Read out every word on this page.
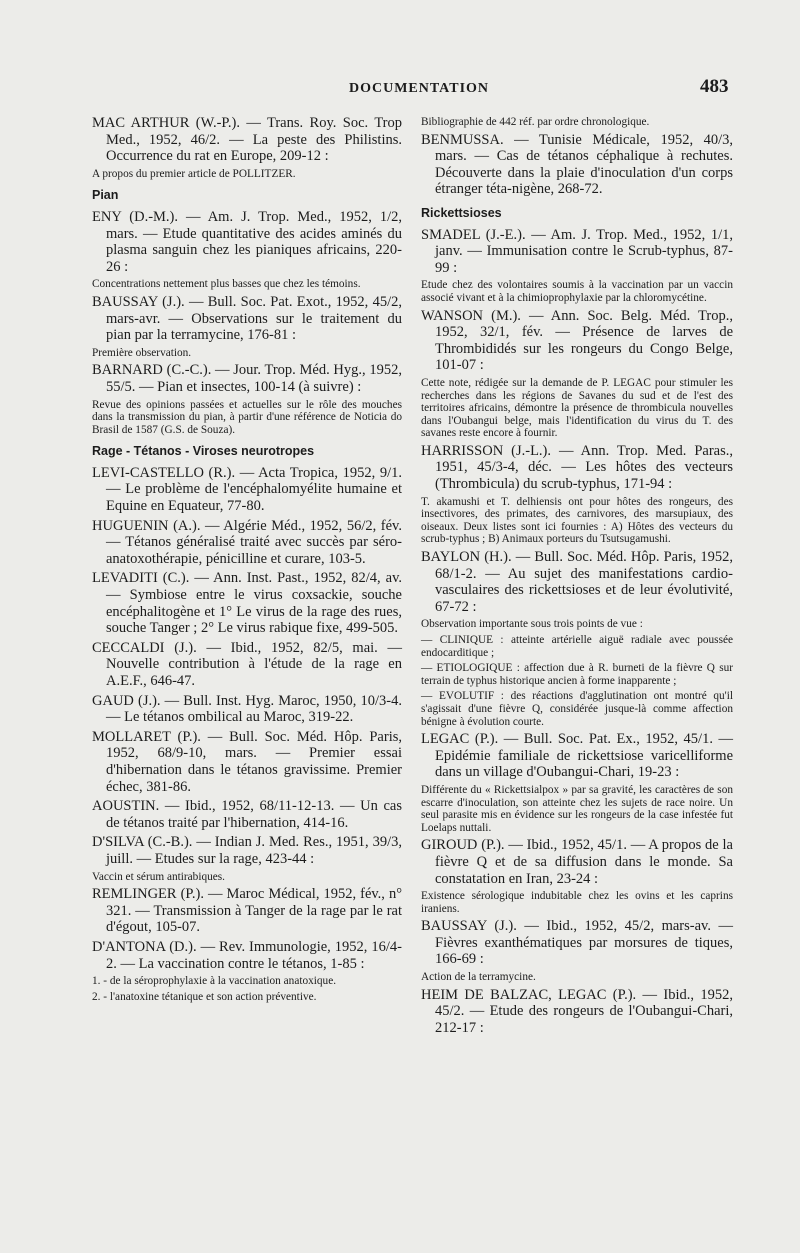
DOCUMENTATION	483
MAC ARTHUR (W.-P.). — Trans. Roy. Soc. Trop Med., 1952, 46/2. — La peste des Philistins. Occurrence du rat en Europe, 209-12 :
A propos du premier article de POLLITZER.
Pian
ENY (D.-M.). — Am. J. Trop. Med., 1952, 1/2, mars. — Etude quantitative des acides aminés du plasma sanguin chez les pianiques africains, 220-26 :
Concentrations nettement plus basses que chez les témoins.
BAUSSAY (J.). — Bull. Soc. Pat. Exot., 1952, 45/2, mars-avr. — Observations sur le traitement du pian par la terramycine, 176-81 :
Première observation.
BARNARD (C.-C.). — Jour. Trop. Méd. Hyg., 1952, 55/5. — Pian et insectes, 100-14 (à suivre) :
Revue des opinions passées et actuelles sur le rôle des mouches dans la transmission du pian, à partir d'une référence de Noticia do Brasil de 1587 (G.S. de Souza).
Rage - Tétanos - Viroses neurotropes
LEVI-CASTELLO (R.). — Acta Tropica, 1952, 9/1. — Le problème de l'encéphalomyélite humaine et Equine en Equateur, 77-80.
HUGUENIN (A.). — Algérie Méd., 1952, 56/2, fév. — Tétanos généralisé traité avec succès par séro-anatoxothérapie, pénicilline et curare, 103-5.
LEVADITI (C.). — Ann. Inst. Past., 1952, 82/4, av. — Symbiose entre le virus coxsackie, souche encéphalitogène et 1° Le virus de la rage des rues, souche Tanger ; 2° Le virus rabique fixe, 499-505.
CECCALDI (J.). — Ibid., 1952, 82/5, mai. — Nouvelle contribution à l'étude de la rage en A.E.F., 646-47.
GAUD (J.). — Bull. Inst. Hyg. Maroc, 1950, 10/3-4. — Le tétanos ombilical au Maroc, 319-22.
MOLLARET (P.). — Bull. Soc. Méd. Hôp. Paris, 1952, 68/9-10, mars. — Premier essai d'hibernation dans le tétanos gravissime. Premier échec, 381-86.
AOUSTIN. — Ibid., 1952, 68/11-12-13. — Un cas de tétanos traité par l'hibernation, 414-16.
D'SILVA (C.-B.). — Indian J. Med. Res., 1951, 39/3, juill. — Etudes sur la rage, 423-44 :
Vaccin et sérum antirabiques.
REMLINGER (P.). — Maroc Médical, 1952, fév., n° 321. — Transmission à Tanger de la rage par le rat d'égout, 105-07.
D'ANTONA (D.). — Rev. Immunologie, 1952, 16/4-2. — La vaccination contre le tétanos, 1-85 :
1. - de la séroprophylaxie à la vaccination anatoxique.
2. - l'anatoxine tétanique et son action préventive.
Bibliographie de 442 réf. par ordre chronologique.
BENMUSSA. — Tunisie Médicale, 1952, 40/3, mars. — Cas de tétanos céphalique à rechutes. Découverte dans la plaie d'inoculation d'un corps étranger téta-nigène, 268-72.
Rickettsioses
SMADEL (J.-E.). — Am. J. Trop. Med., 1952, 1/1, janv. — Immunisation contre le Scrub-typhus, 87-99 :
Etude chez des volontaires soumis à la vaccination par un vaccin associé vivant et à la chimioprophylaxie par la chloromycétine.
WANSON (M.). — Ann. Soc. Belg. Méd. Trop., 1952, 32/1, fév. — Présence de larves de Thrombididés sur les rongeurs du Congo Belge, 101-07 :
Cette note, rédigée sur la demande de P. LEGAC pour stimuler les recherches dans les régions de Savanes du sud et de l'est des territoires africains, démontre la présence de thrombicula nouvelles dans l'Oubangui belge, mais l'identification du virus du T. des savanes reste encore à fournir.
HARRISSON (J.-L.). — Ann. Trop. Med. Paras., 1951, 45/3-4, déc. — Les hôtes des vecteurs (Thrombicula) du scrub-typhus, 171-94 :
T. akamushi et T. delhiensis ont pour hôtes des rongeurs, des insectivores, des primates, des carnivores, des marsupiaux, des oiseaux. Deux listes sont ici fournies : A) Hôtes des vecteurs du scrub-typhus ; B) Animaux porteurs du Tsutsugamushi.
BAYLON (H.). — Bull. Soc. Méd. Hôp. Paris, 1952, 68/1-2. — Au sujet des manifestations cardio-vasculaires des rickettsioses et de leur évolutivité, 67-72 :
Observation importante sous trois points de vue :
— CLINIQUE : atteinte artérielle aiguë radiale avec poussée endocarditique ;
— ETIOLOGIQUE : affection due à R. burneti de la fièvre Q sur terrain de typhus historique ancien à forme inapparente ;
— EVOLUTIF : des réactions d'agglutination ont montré qu'il s'agissait d'une fièvre Q, considérée jusque-là comme affection bénigne à évolution courte.
LEGAC (P.). — Bull. Soc. Pat. Ex., 1952, 45/1. — Epidémie familiale de rickettsiose varicelliforme dans un village d'Oubangui-Chari, 19-23 :
Différente du « Rickettsialpox » par sa gravité, les caractères de son escarre d'inoculation, son atteinte chez les sujets de race noire. Un seul parasite mis en évidence sur les rongeurs de la case infestée fut Loelaps nuttali.
GIROUD (P.). — Ibid., 1952, 45/1. — A propos de la fièvre Q et de sa diffusion dans le monde. Sa constatation en Iran, 23-24 :
Existence sérologique indubitable chez les ovins et les caprins iraniens.
BAUSSAY (J.). — Ibid., 1952, 45/2, mars-av. — Fièvres exanthématiques par morsures de tiques, 166-69 :
Action de la terramycine.
HEIM DE BALZAC, LEGAC (P.). — Ibid., 1952, 45/2. — Etude des rongeurs de l'Oubangui-Chari, 212-17 :
